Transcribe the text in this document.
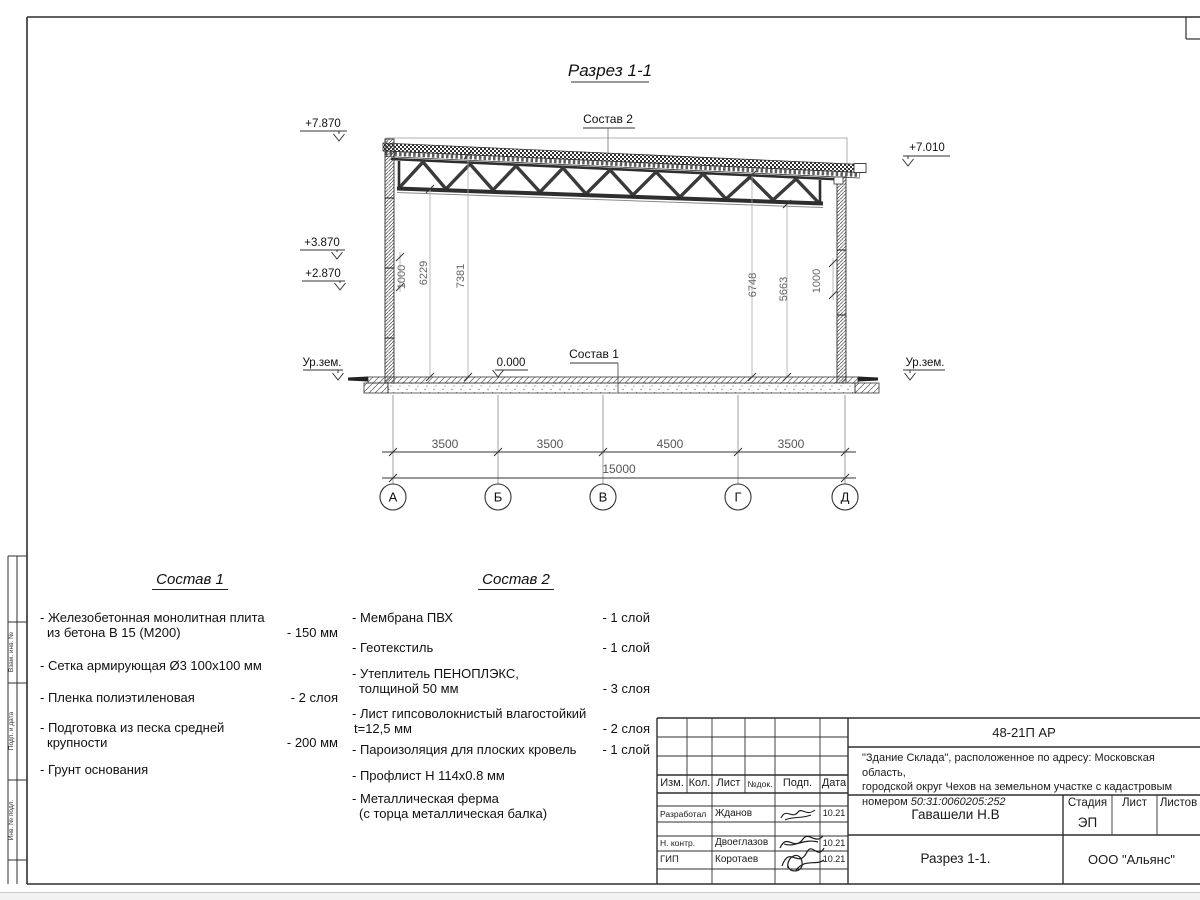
Взам. инв. №
Подп. и дата
Инв. № подл.
Разрез 1-1
Состав 2
Состав 1
+7.870
+3.870
+2.870
Ур.зем.
+7.010
Ур.зем.
0.000
1000 6229 7381	6748 5663 1000
3500	3500	4500	3500
15000
А	Б	В	Г	Д
Состав 1
- Железобетонная монолитная плита
из бетона В 15 (М200)	- 150 мм
- Сетка армирующая Ø3 100х100 мм
- Пленка полиэтиленовая	- 2 слоя
- Подготовка из песка средней
крупности	- 200 мм
- Грунт основания
Состав 2
- Мембрана ПВХ	- 1 слой
- Геотекстиль	- 1 слой
- Утеплитель ПЕНОПЛЭКС,
толщиной 50 мм	- 3 слоя
- Лист гипсоволокнистый влагостойкий
t=12,5 мм	- 2 слоя
- Пароизоляция для плоских кровель	- 1 слой
- Профлист Н 114х0.8 мм
- Металлическая ферма
(с торца металлическая балка)
Изм. Кол. Лист №док. Подп. Дата
Разработал Жданов	10.21
Н. контр.	Двоеглазов	10.21
ГИП	Коротаев	10.21
48-21П АР
"Здание Склада", расположенное по адресу: Московская область,
городской округ Чехов на земельном участке с кадастровым
номером 50:31:0060205:252
Гавашели Н.В
Стадия	Лист	Листов
ЭП
Разрез 1-1.	ООО "Альянс"
